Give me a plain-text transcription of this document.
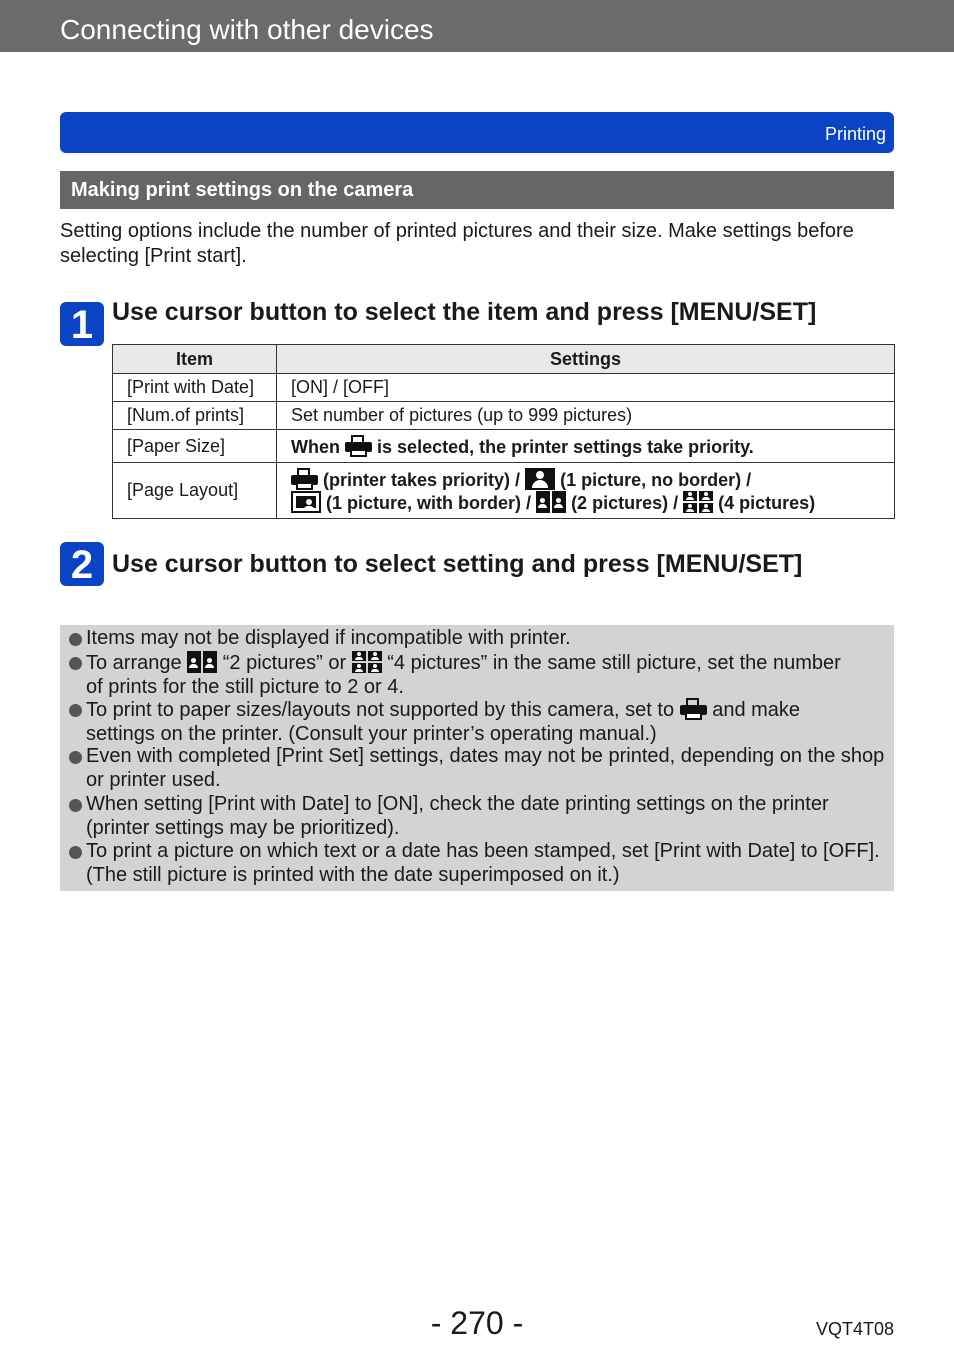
Connecting with other devices
Printing
Making print settings on the camera
Setting options include the number of printed pictures and their size. Make settings before selecting [Print start].
1 Use cursor button to select the item and press [MENU/SET]
Item	Settings
[Print with Date]	[ON] / [OFF]
[Num.of prints]	Set number of pictures (up to 999 pictures)
[Paper Size]	When is selected, the printer settings take priority.
[Page Layout]	(printer takes priority) / (1 picture, no border) /
(1 picture, with border) / (2 pictures) / (4 pictures)
2 Use cursor button to select setting and press [MENU/SET]
Items may not be displayed if incompatible with printer.
To arrange “2 pictures” or “4 pictures” in the same still picture, set the number
of prints for the still picture to 2 or 4.
To print to paper sizes/layouts not supported by this camera, set to and make
settings on the printer. (Consult your printer’s operating manual.)
Even with completed [Print Set] settings, dates may not be printed, depending on the shop or printer used.
When setting [Print with Date] to [ON], check the date printing settings on the printer (printer settings may be prioritized).
To print a picture on which text or a date has been stamped, set [Print with Date] to [OFF]. (The still picture is printed with the date superimposed on it.)
- 270 -	VQT4T08
